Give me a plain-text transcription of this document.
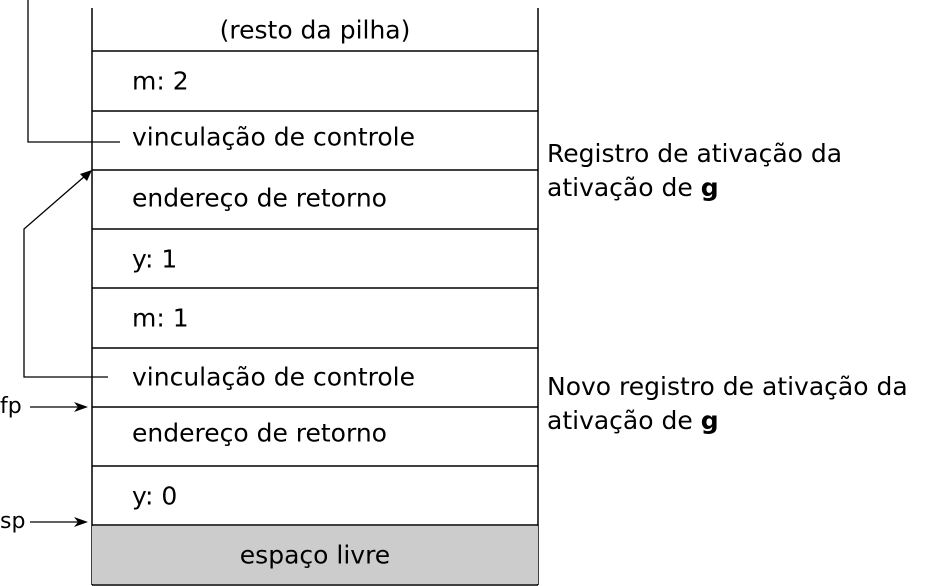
(resto da pilha)
m: 2
vinculação de controle
endereço de retorno
y: 1
m: 1
vinculação de controle
endereço de retorno
y: 0
espaço livre
Registro de ativação da
ativação de g
Novo registro de ativação da
ativação de g
fp
sp
